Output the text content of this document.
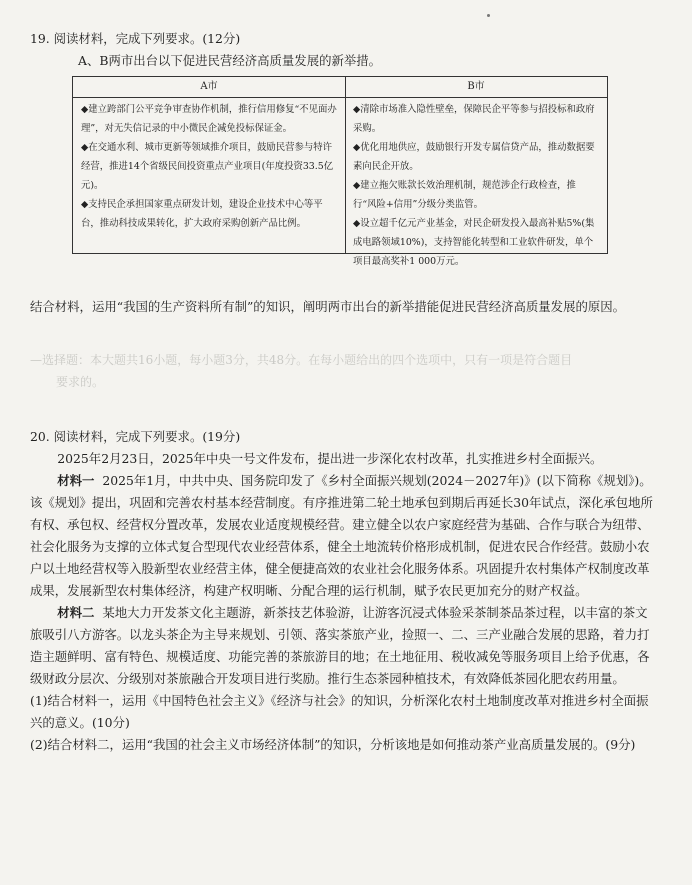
—选择题：本大题共16小题，每小题3分，共48分。在每小题给出的四个选项中，只有一项是符合题目
要求的。

19. 阅读材料，完成下列要求。(12分)

A、B两市出台以下促进民营经济高质量发展的新举措。

A市

◆建立跨部门公平竞争审查协作机制，推行信用修复“不见面办理”，对无失信记录的中小微民企减免投标保证金。

◆在交通水利、城市更新等领域推介项目，鼓励民营参与特许经营，推进14个省级民间投资重点产业项目(年度投资33.5亿元)。

◆支持民企承担国家重点研发计划，建设企业技术中心等平台，推动科技成果转化，扩大政府采购创新产品比例。

B市

◆清除市场准入隐性壁垒，保障民企平等参与招投标和政府采购。

◆优化用地供应，鼓励银行开发专属信贷产品，推动数据要素向民企开放。

◆建立拖欠账款长效治理机制，规范涉企行政检查，推行“风险+信用”分级分类监管。

◆设立超千亿元产业基金，对民企研发投入最高补贴5%(集成电路领域10%)，支持智能化转型和工业软件研发，单个项目最高奖补1 000万元。

结合材料，运用“我国的生产资料所有制”的知识，阐明两市出台的新举措能促进民营经济高质量发展的原因。

20. 阅读材料，完成下列要求。(19分)

2025年2月23日，2025年中央一号文件发布，提出进一步深化农村改革，扎实推进乡村全面振兴。

材料一 2025年1月，中共中央、国务院印发了《乡村全面振兴规划(2024－2027年)》(以下简称《规划》)。该《规划》提出，巩固和完善农村基本经营制度。有序推进第二轮土地承包到期后再延长30年试点，深化承包地所有权、承包权、经营权分置改革，发展农业适度规模经营。建立健全以农户家庭经营为基础、合作与联合为纽带、社会化服务为支撑的立体式复合型现代农业经营体系，健全土地流转价格形成机制，促进农民合作经营。鼓励小农户以土地经营权等入股新型农业经营主体，健全便捷高效的农业社会化服务体系。巩固提升农村集体产权制度改革成果，发展新型农村集体经济，构建产权明晰、分配合理的运行机制，赋予农民更加充分的财产权益。

材料二 某地大力开发茶文化主题游，新茶技艺体验游，让游客沉浸式体验采茶制茶品茶过程，以丰富的茶文旅吸引八方游客。以龙头茶企为主导来规划、引领、落实茶旅产业，捡照一、二、三产业融合发展的思路，着力打造主题鲜明、富有特色、规模适度、功能完善的茶旅游目的地；在土地征用、税收减免等服务项目上给予优惠，各级财政分层次、分级别对茶旅融合开发项目进行奖励。推行生态茶园种植技术，有效降低茶园化肥农药用量。

(1)结合材料一，运用《中国特色社会主义》《经济与社会》的知识，分析深化农村土地制度改革对推进乡村全面振兴的意义。(10分)

(2)结合材料二，运用“我国的社会主义市场经济体制”的知识，分析该地是如何推动茶产业高质量发展的。(9分)
